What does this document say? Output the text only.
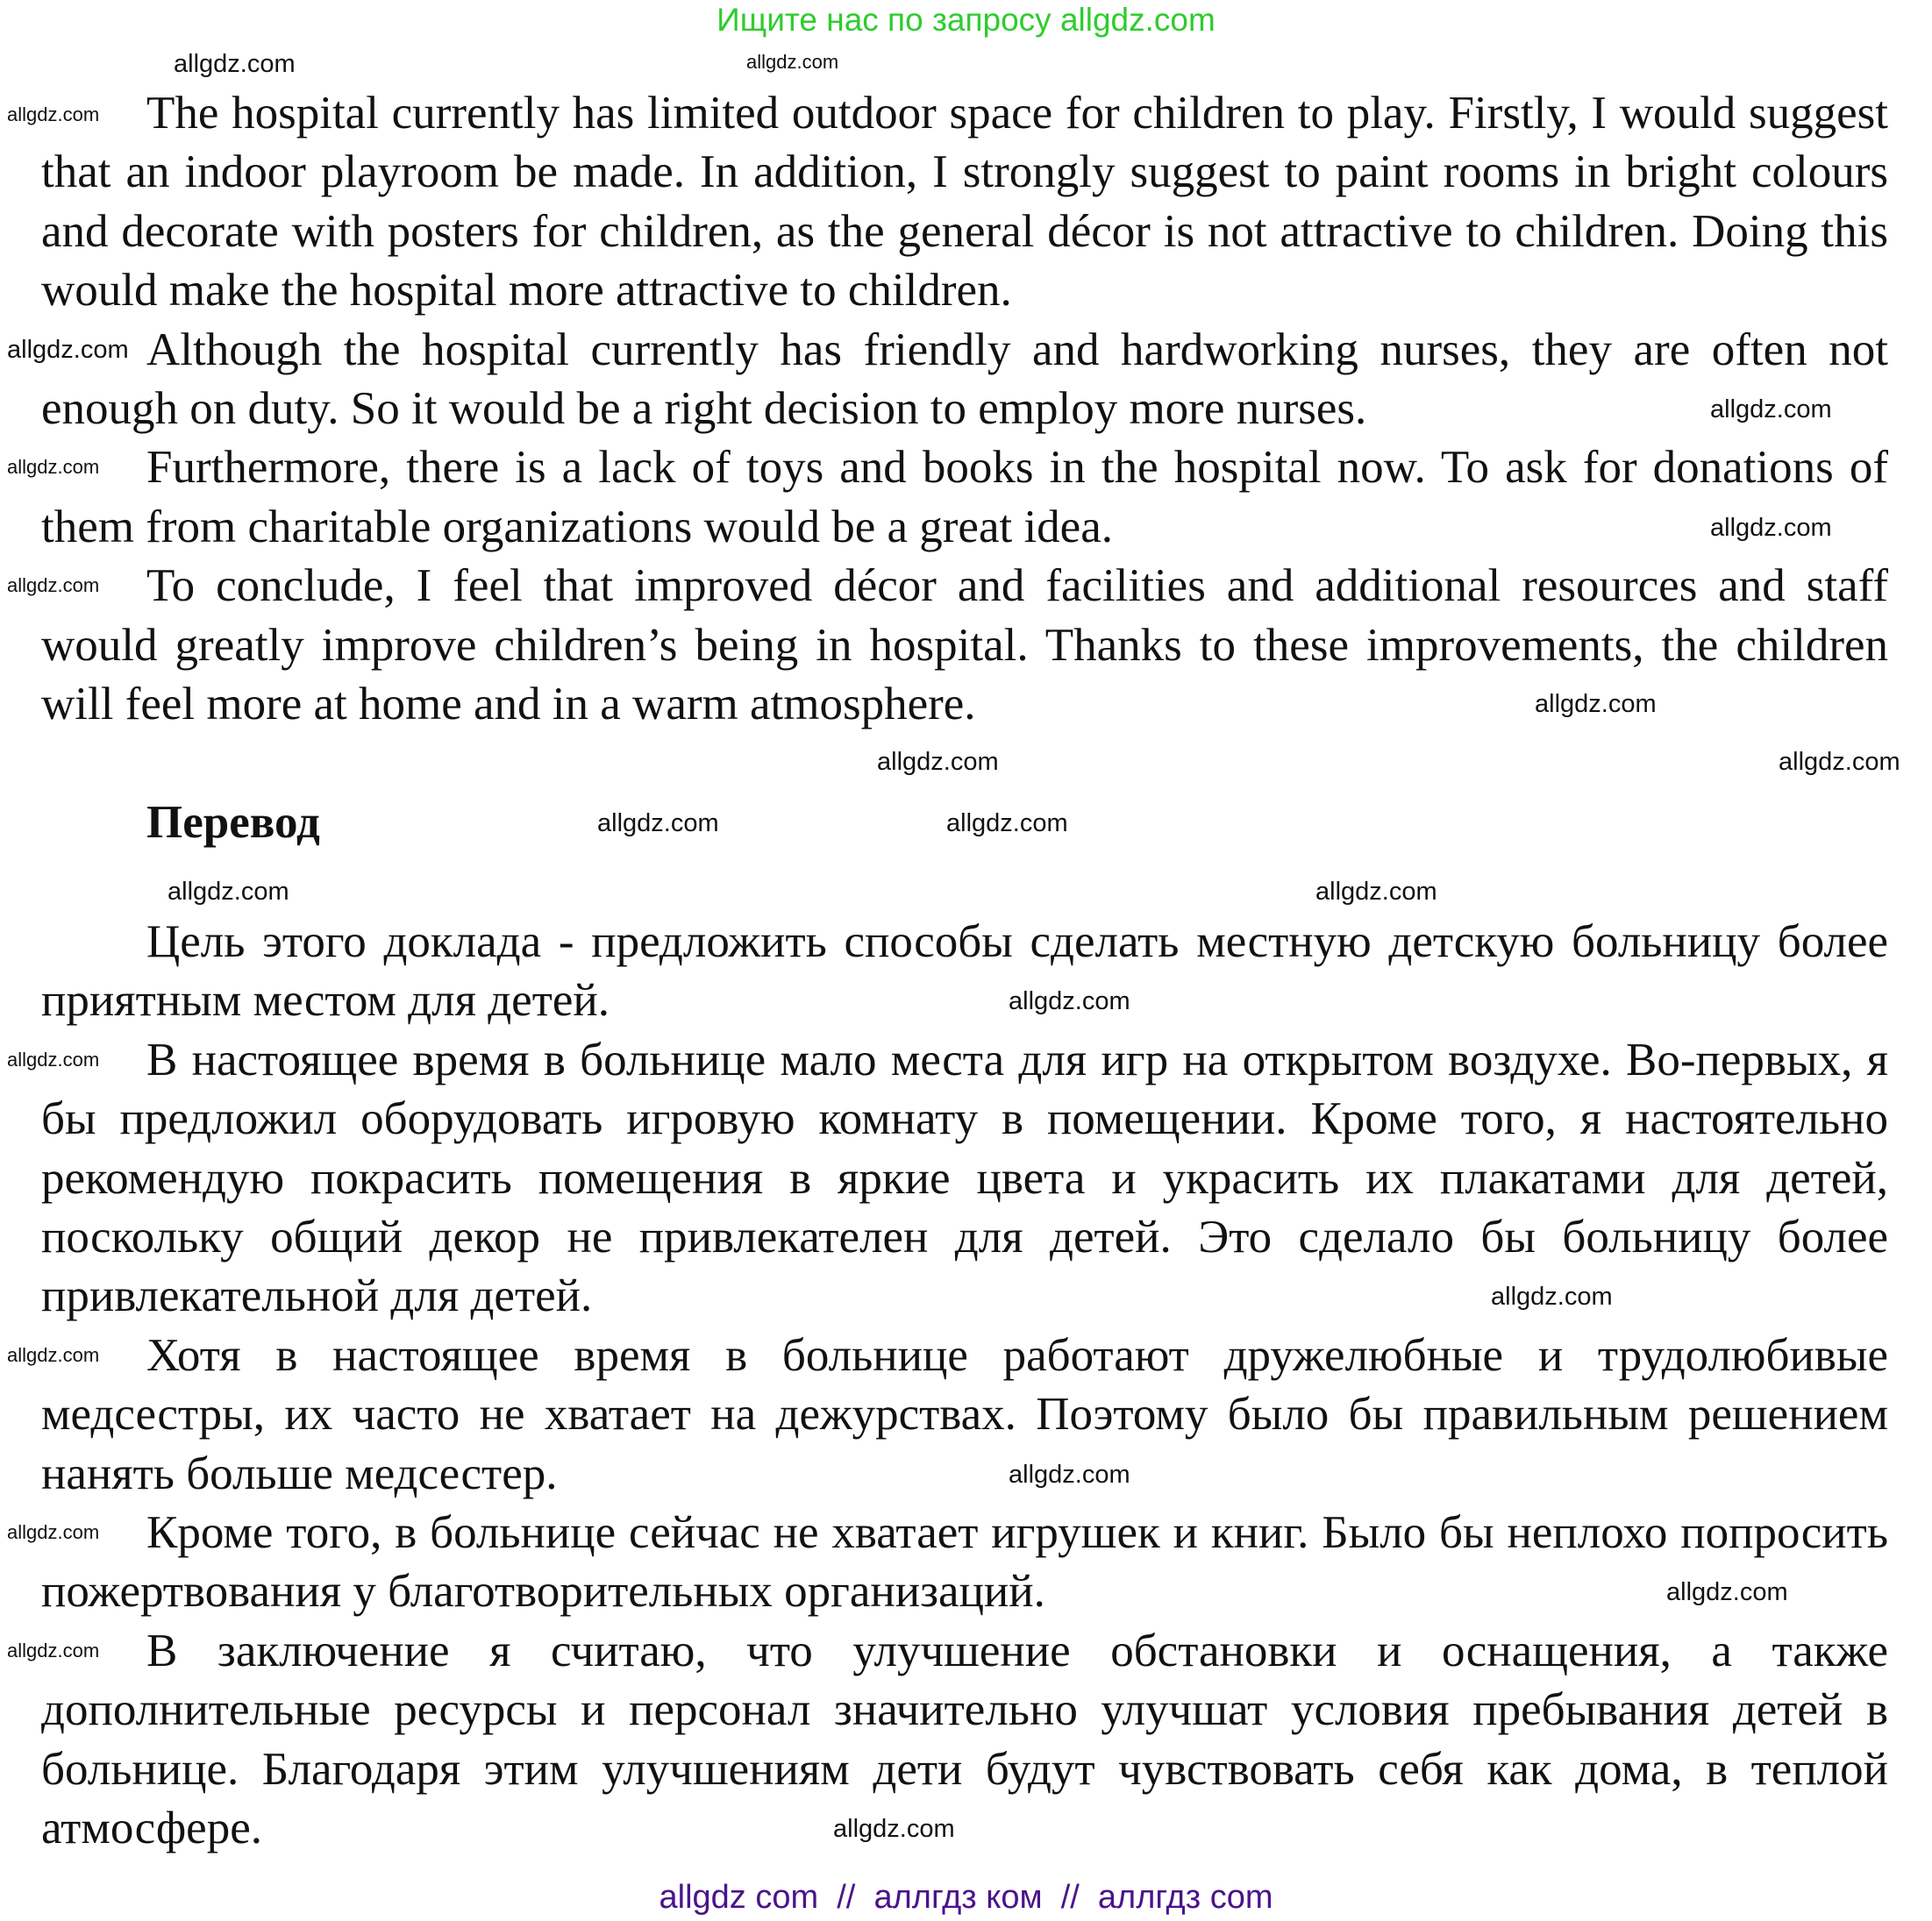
Ищите нас по запросу allgdz.com

The hospital currently has limited outdoor space for children to play. Firstly, I would suggest that an indoor playroom be made. In addition, I strongly suggest to paint rooms in bright colours and decorate with posters for children, as the general décor is not attractive to children. Doing this would make the hospital more attractive to children.

Although the hospital currently has friendly and hardworking nurses, they are often not enough on duty. So it would be a right decision to employ more nurses.

Furthermore, there is a lack of toys and books in the hospital now. To ask for donations of them from charitable organizations would be a great idea.

To conclude, I feel that improved décor and facilities and additional resources and staff would greatly improve children’s being in hospital. Thanks to these improvements, the children will feel more at home and in a warm atmosphere.

Перевод

Цель этого доклада - предложить способы сделать местную детскую больницу более приятным местом для детей.

В настоящее время в больнице мало места для игр на открытом воздухе. Во-первых, я бы предложил оборудовать игровую комнату в помещении. Кроме того, я настоятельно рекомендую покрасить помещения в яркие цвета и украсить их плакатами для детей, поскольку общий декор не привлекателен для детей. Это сделало бы больницу более привлекательной для детей.

Хотя в настоящее время в больнице работают дружелюбные и трудолюбивые медсестры, их часто не хватает на дежурствах. Поэтому было бы правильным решением нанять больше медсестер.

Кроме того, в больнице сейчас не хватает игрушек и книг. Было бы неплохо попросить пожертвования у благотворительных организаций.

В заключение я считаю, что улучшение обстановки и оснащения, а также дополнительные ресурсы и персонал значительно улучшат условия пребывания детей в больнице. Благодаря этим улучшениям дети будут чувствовать себя как дома, в теплой атмосфере.

allgdz.com	allgdz.com
allgdz.com
allgdz.com
allgdz.com
allgdz.com
allgdz.com
allgdz.com
allgdz.com
allgdz.com
allgdz.com
allgdz.com	allgdz.com
allgdz.com	allgdz.com
allgdz.com
allgdz.com
allgdz.com
allgdz.com
allgdz.com
allgdz.com
allgdz.com
allgdz.com
allgdz.com
allgdz com  //  аллгдз ком  //  аллгдз com
